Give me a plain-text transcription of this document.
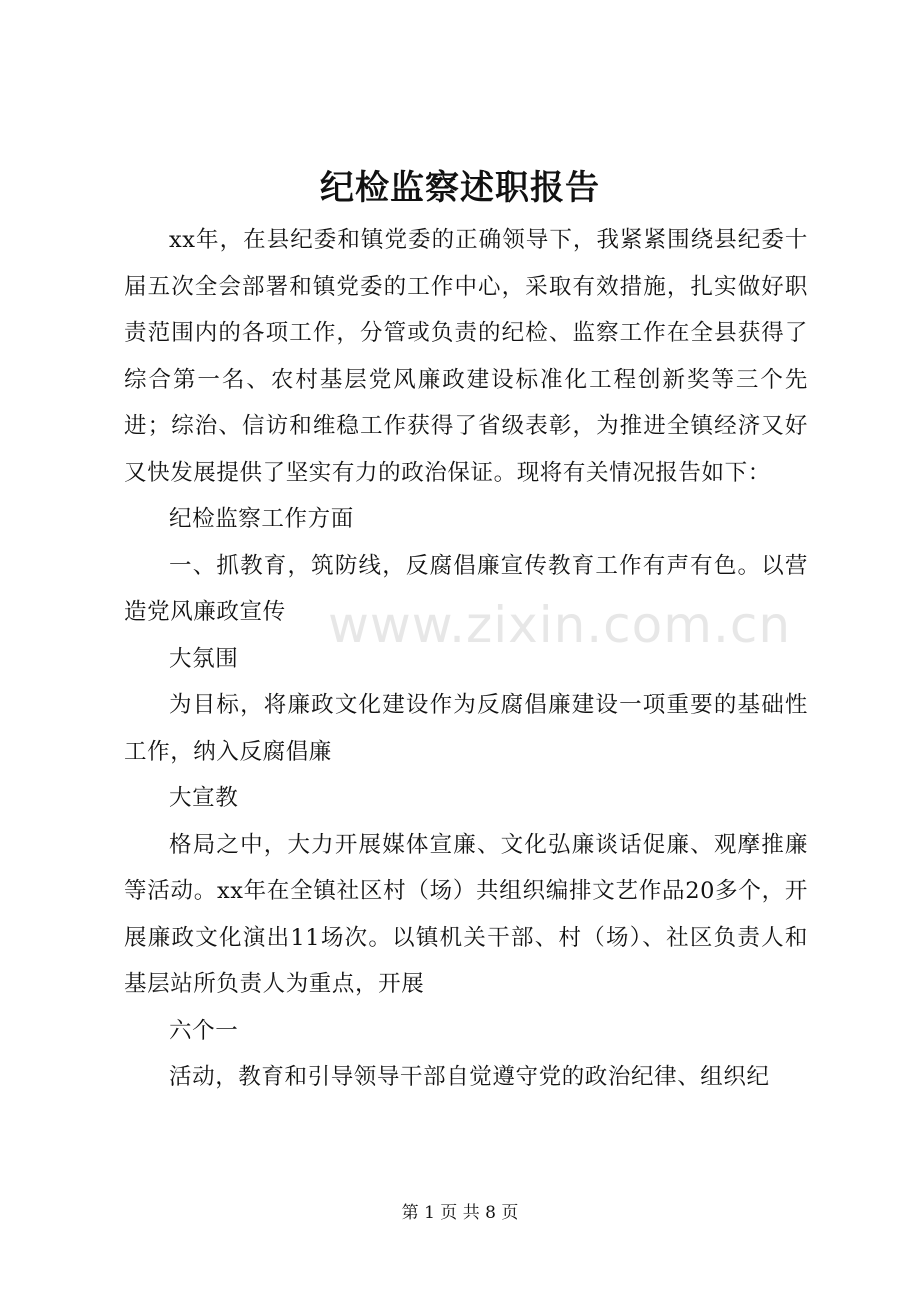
纪检监察述职报告

xx年，在县纪委和镇党委的正确领导下，我紧紧围绕县纪委十届五次全会部署和镇党委的工作中心，采取有效措施，扎实做好职责范围内的各项工作，分管或负责的纪检、监察工作在全县获得了综合第一名、农村基层党风廉政建设标准化工程创新奖等三个先进；综治、信访和维稳工作获得了省级表彰，为推进全镇经济又好又快发展提供了坚实有力的政治保证。现将有关情况报告如下：

纪检监察工作方面

一、抓教育，筑防线，反腐倡廉宣传教育工作有声有色。以营造党风廉政宣传

大氛围

为目标，将廉政文化建设作为反腐倡廉建设一项重要的基础性工作，纳入反腐倡廉

大宣教

格局之中，大力开展媒体宣廉、文化弘廉谈话促廉、观摩推廉等活动。xx年在全镇社区村（场）共组织编排文艺作品20多个，开展廉政文化演出11场次。以镇机关干部、村（场）、社区负责人和基层站所负责人为重点，开展

六个一

活动，教育和引导领导干部自觉遵守党的政治纪律、组织纪

www.zixin.com.cn
第 1 页 共 8 页
